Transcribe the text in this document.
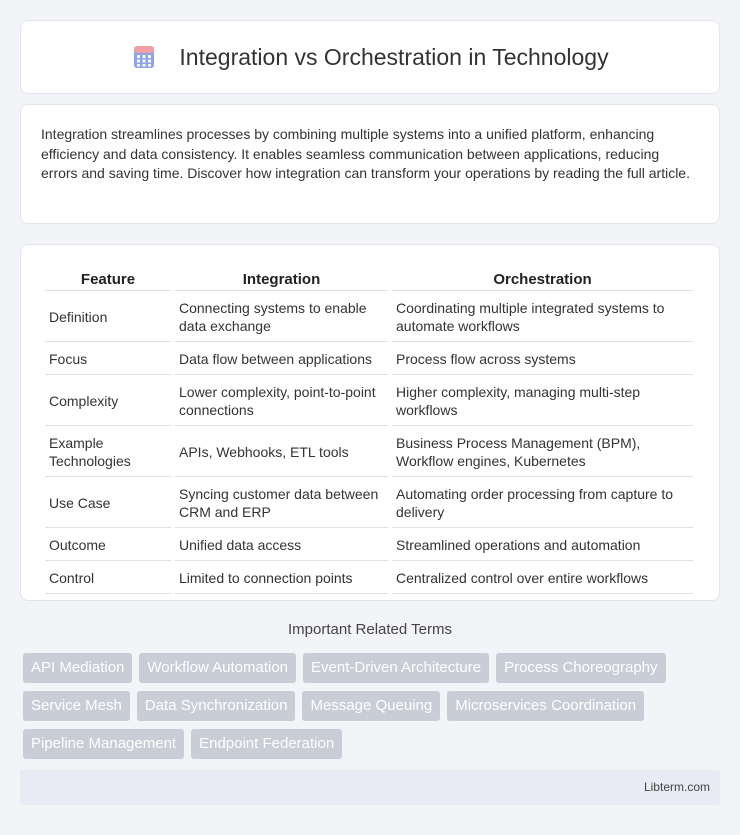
Integration vs Orchestration in Technology

Integration streamlines processes by combining multiple systems into a unified platform, enhancing efficiency and data consistency. It enables seamless communication between applications, reducing errors and saving time. Discover how integration can transform your operations by reading the full article.

Feature	Integration	Orchestration
Definition	Connecting systems to enable data exchange	Coordinating multiple integrated systems to automate workflows
Focus	Data flow between applications	Process flow across systems
Complexity	Lower complexity, point-to-point connections	Higher complexity, managing multi-step workflows
Example Technologies	APIs, Webhooks, ETL tools	Business Process Management (BPM), Workflow engines, Kubernetes
Use Case	Syncing customer data between CRM and ERP	Automating order processing from capture to delivery
Outcome	Unified data access	Streamlined operations and automation
Control	Limited to connection points	Centralized control over entire workflows
Important Related Terms
API Mediation	Workflow Automation	Event-Driven Architecture	Process Choreography
Service Mesh	Data Synchronization	Message Queuing	Microservices Coordination
Pipeline Management	Endpoint Federation
Libterm.com
